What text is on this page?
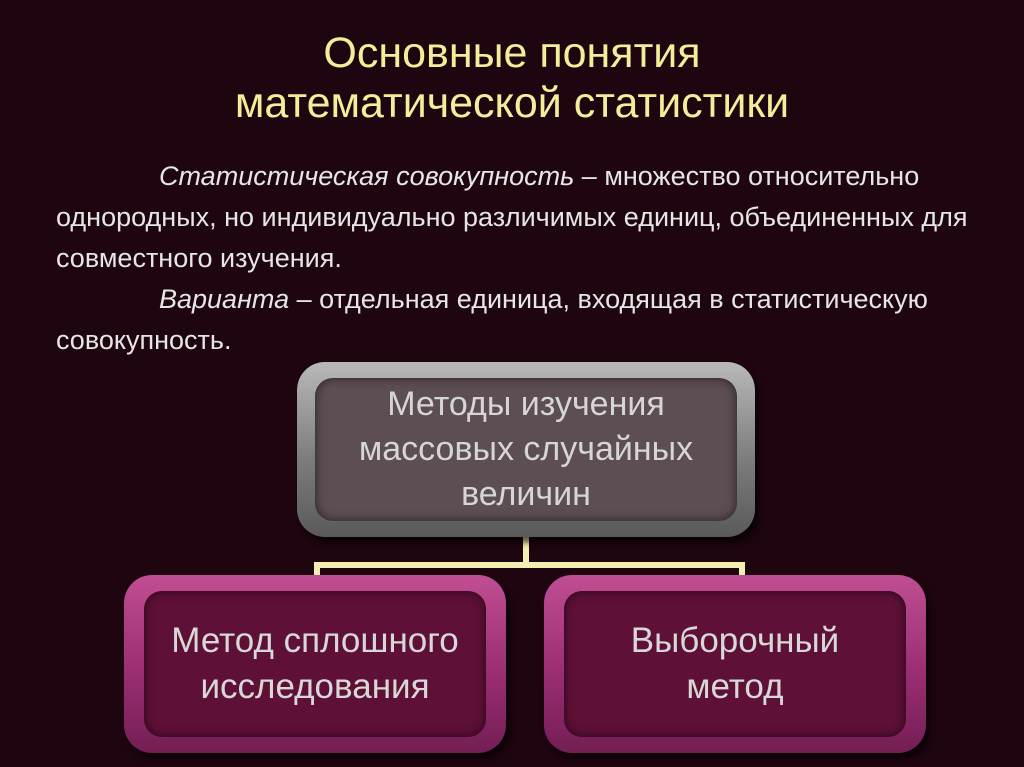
Основные понятия
математической статистики

Статистическая совокупность – множество относительно однородных, но индивидуально различимых единиц, объединенных для совместного изучения.

Варианта – отдельная единица, входящая в статистическую совокупность.

Методы изучения
массовых случайных
величин
Метод сплошного
исследования
Выборочный
метод
